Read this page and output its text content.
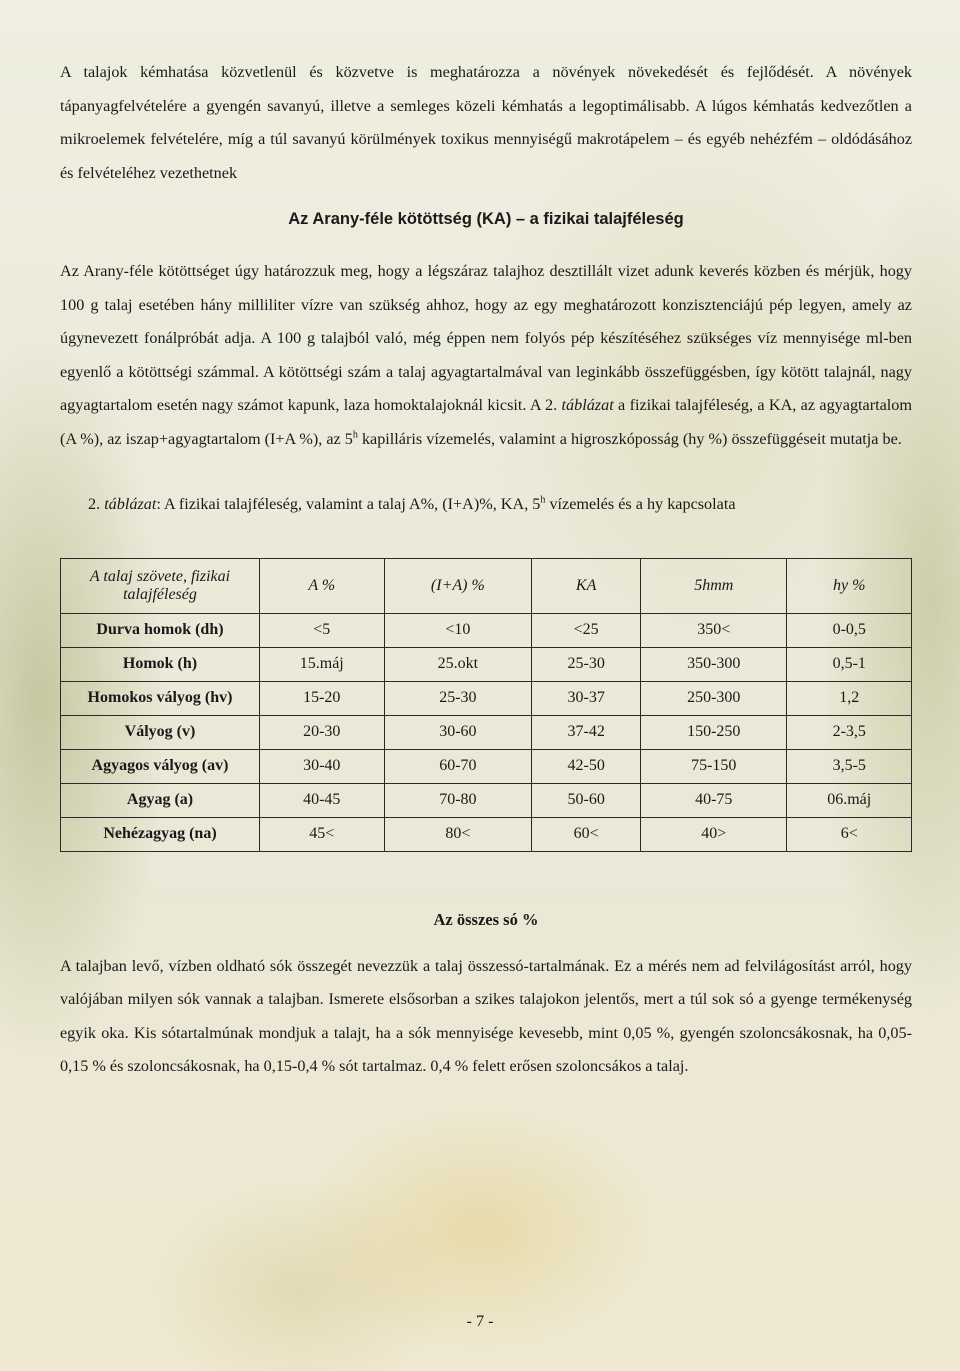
A talajok kémhatása közvetlenül és közvetve is meghatározza a növények növekedését és fejlődését. A növények tápanyagfelvételére a gyengén savanyú, illetve a semleges közeli kémhatás a legoptimálisabb. A lúgos kémhatás kedvezőtlen a mikroelemek felvételére, míg a túl savanyú körülmények toxikus mennyiségű makrotápelem – és egyéb nehézfém – oldódásához és felvételéhez vezethetnek

Az Arany-féle kötöttség (KA) – a fizikai talajféleség

Az Arany-féle kötöttséget úgy határozzuk meg, hogy a légszáraz talajhoz desztillált vizet adunk keverés közben és mérjük, hogy 100 g talaj esetében hány milliliter vízre van szükség ahhoz, hogy az egy meghatározott konzisztenciájú pép legyen, amely az úgynevezett fonálpróbát adja. A 100 g talajból való, még éppen nem folyós pép készítéséhez szükséges víz mennyisége ml-ben egyenlő a kötöttségi számmal. A kötöttségi szám a talaj agyagtartalmával van leginkább összefüggésben, így kötött talajnál, nagy agyagtartalom esetén nagy számot kapunk, laza homoktalajoknál kicsit. A 2. táblázat a fizikai talajféleség, a KA, az agyagtartalom (A %), az iszap+agyagtartalom (I+A %), az 5$^h$ kapilláris vízemelés, valamint a higroszkóposság (hy %) összefüggéseit mutatja be.

2. táblázat: A fizikai talajféleség, valamint a talaj A%, (I+A)%, KA, 5$^h$ vízemelés és a hy kapcsolata

A talaj szövete, fizikai talajféleség	A %	(I+A) %	KA	5hmm	hy %
Durva homok (dh)	<5	<10	<25	350<	0-0,5
Homok (h)	15.máj	25.okt	25-30	350-300	0,5-1
Homokos vályog (hv)	15-20	25-30	30-37	250-300	1,2
Vályog (v)	20-30	30-60	37-42	150-250	2-3,5
Agyagos vályog (av)	30-40	60-70	42-50	75-150	3,5-5
Agyag (a)	40-45	70-80	50-60	40-75	06.máj
Nehézagyag (na)	45<	80<	60<	40>	6<

Az összes só %

A talajban levő, vízben oldható sók összegét nevezzük a talaj összessó-tartalmának. Ez a mérés nem ad felvilágosítást arról, hogy valójában milyen sók vannak a talajban. Ismerete elsősorban a szikes talajokon jelentős, mert a túl sok só a gyenge termékenység egyik oka. Kis sótartalmúnak mondjuk a talajt, ha a sók mennyisége kevesebb, mint 0,05 %, gyengén szoloncsákosnak, ha 0,05-0,15 % és szoloncsákosnak, ha 0,15-0,4 % sót tartalmaz. 0,4 % felett erősen szoloncsákos a talaj.

- 7 -
